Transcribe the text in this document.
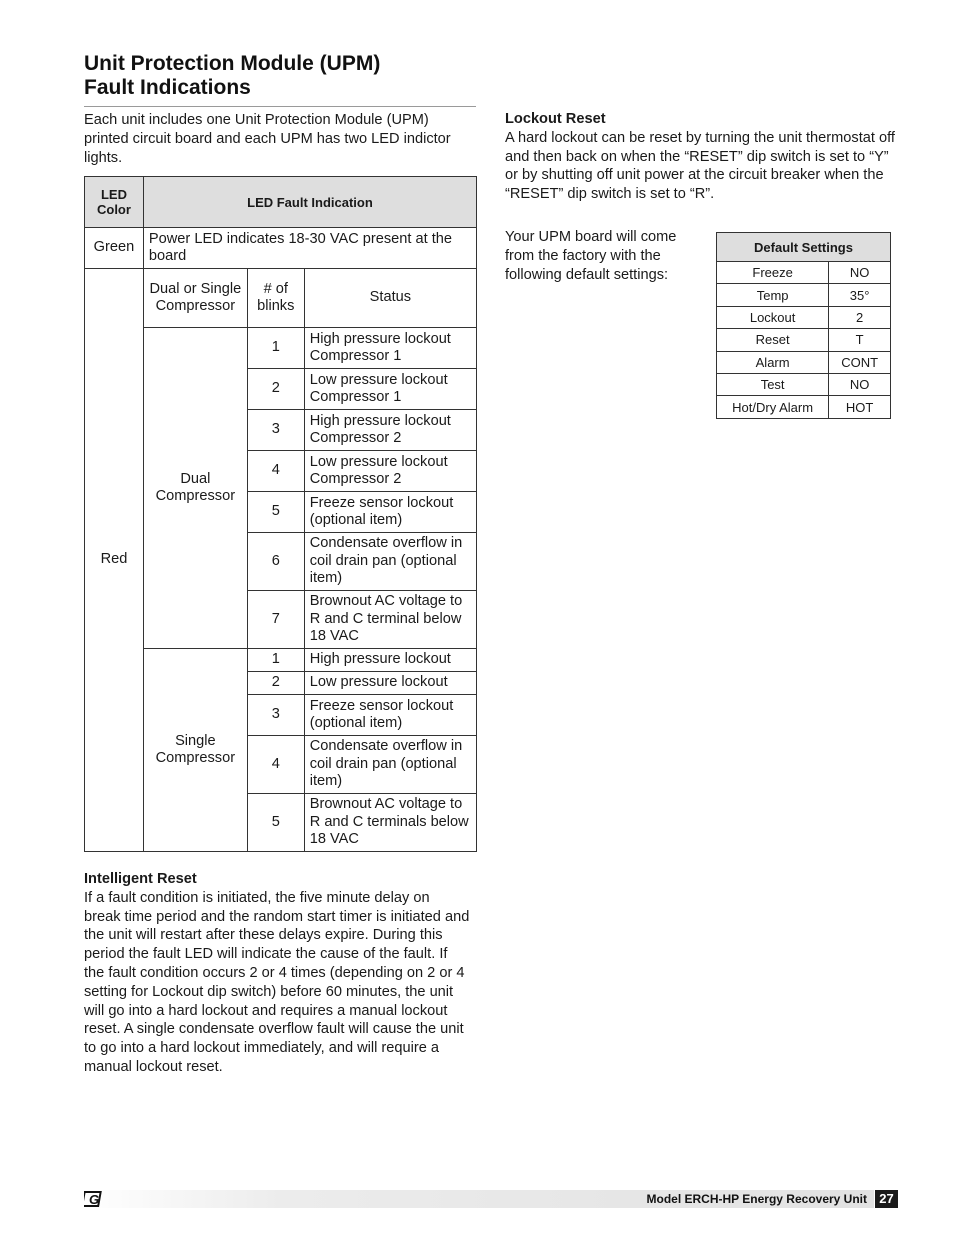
Unit Protection Module (UPM)
Fault Indications

Each unit includes one Unit Protection Module (UPM) printed circuit board and each UPM has two LED indictor lights.

LED Color	LED Fault Indication		
Green	Power LED indicates 18-30 VAC present at the board		
Red	Dual or Single Compressor	# of blinks	Status
	Dual Compressor	1	High pressure lockout Compressor 1
		2	Low pressure lockout Compressor 1
		3	High pressure lockout Compressor 2
		4	Low pressure lockout Compressor 2
		5	Freeze sensor lockout (optional item)
		6	Condensate overflow in coil drain pan (optional item)
		7	Brownout AC voltage to R and C terminal below 18 VAC
	Single Compressor	1	High pressure lockout
		2	Low pressure lockout
		3	Freeze sensor lockout (optional item)
		4	Condensate overflow in coil drain pan (optional item)
		5	Brownout AC voltage to R and C terminals below 18 VAC
Intelligent Reset

If a fault condition is initiated, the five minute delay on break time period and the random start timer is initiated and the unit will restart after these delays expire. During this period the fault LED will indicate the cause of the fault. If the fault condition occurs 2 or 4 times (depending on 2 or 4 setting for Lockout dip switch) before 60 minutes, the unit will go into a hard lockout and requires a manual lockout reset. A single condensate overflow fault will cause the unit to go into a hard lockout immediately, and will require a manual lockout reset.

Lockout Reset

A hard lockout can be reset by turning the unit thermostat off and then back on when the “RESET” dip switch is set to “Y” or by shutting off unit power at the circuit breaker when the “RESET” dip switch is set to “R”.

Your UPM board will come from the factory with the following default settings:

Default Settings	
Freeze	NO
Temp	35°
Lockout	2
Reset	T
Alarm	CONT
Test	NO
Hot/Dry Alarm	HOT
G	Model ERCH-HP Energy Recovery Unit 27
